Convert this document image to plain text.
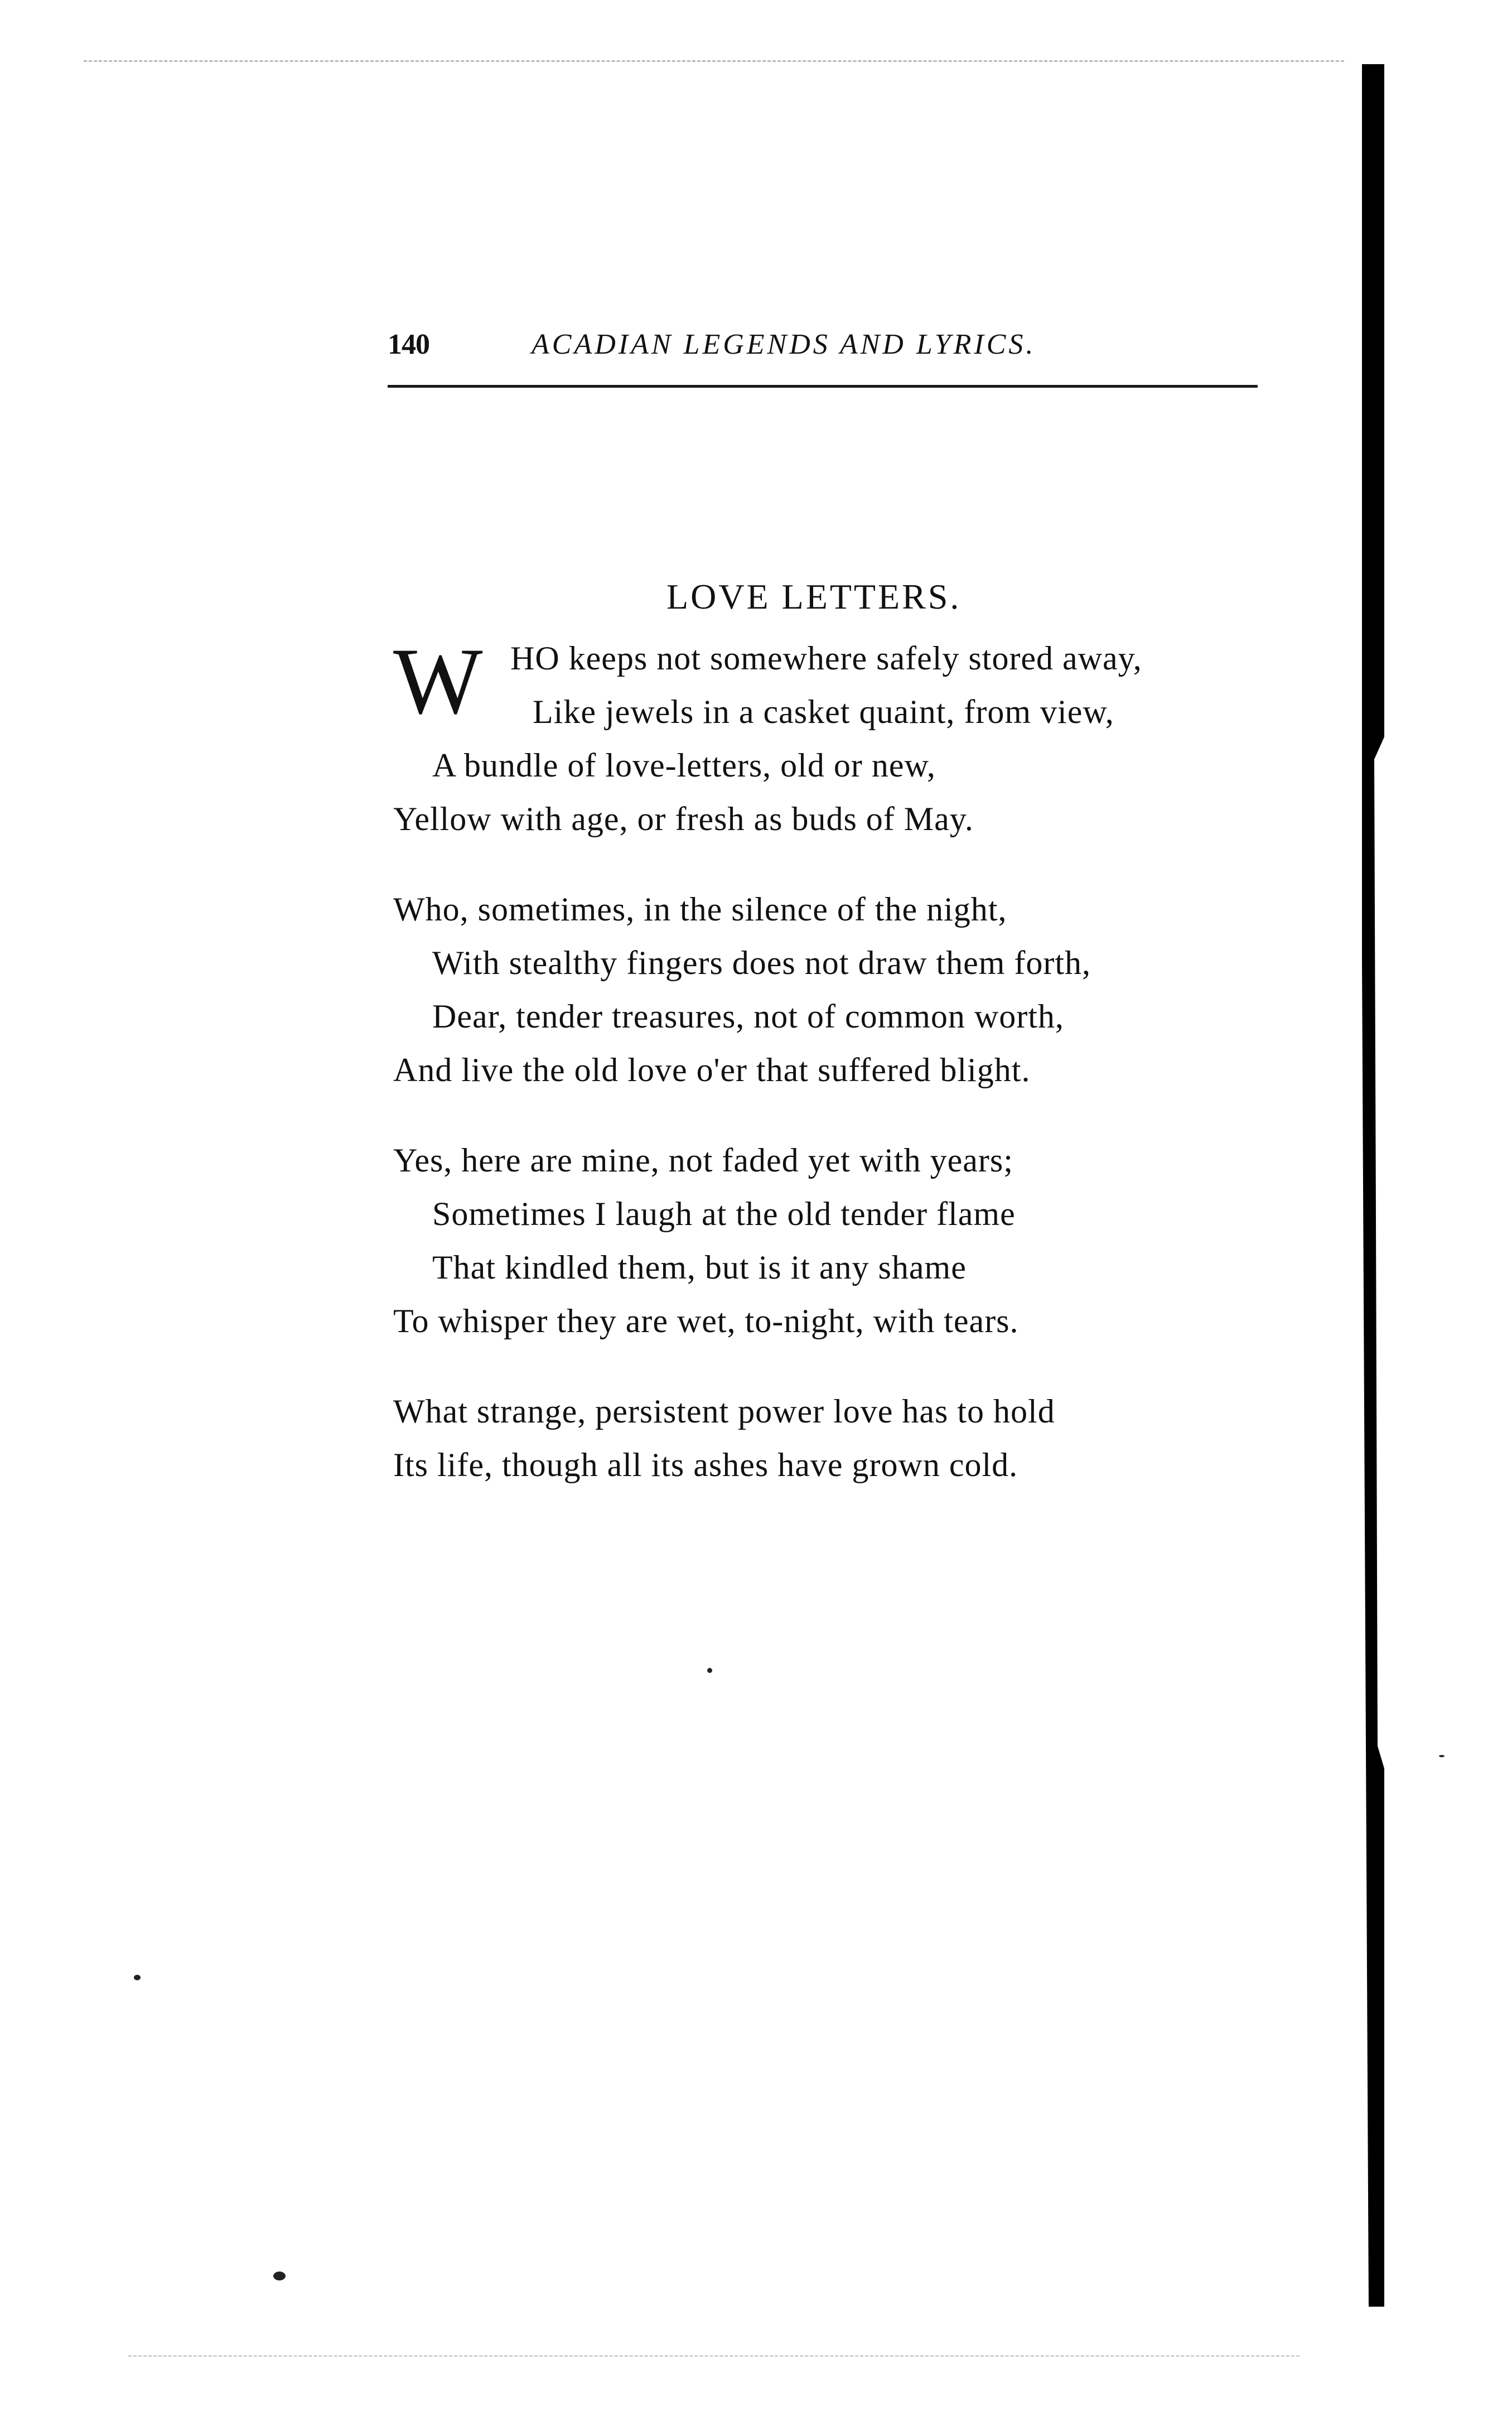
140	ACADIAN LEGENDS AND LYRICS.
LOVE LETTERS.
W HO keeps not somewhere safely stored away,
Like jewels in a casket quaint, from view,
A bundle of love-letters, old or new,
Yellow with age, or fresh as buds of May.
Who, sometimes, in the silence of the night,
With stealthy fingers does not draw them forth,
Dear, tender treasures, not of common worth,
And live the old love o'er that suffered blight.
Yes, here are mine, not faded yet with years;
Sometimes I laugh at the old tender flame
That kindled them, but is it any shame
To whisper they are wet, to-night, with tears.
What strange, persistent power love has to hold
Its life, though all its ashes have grown cold.
